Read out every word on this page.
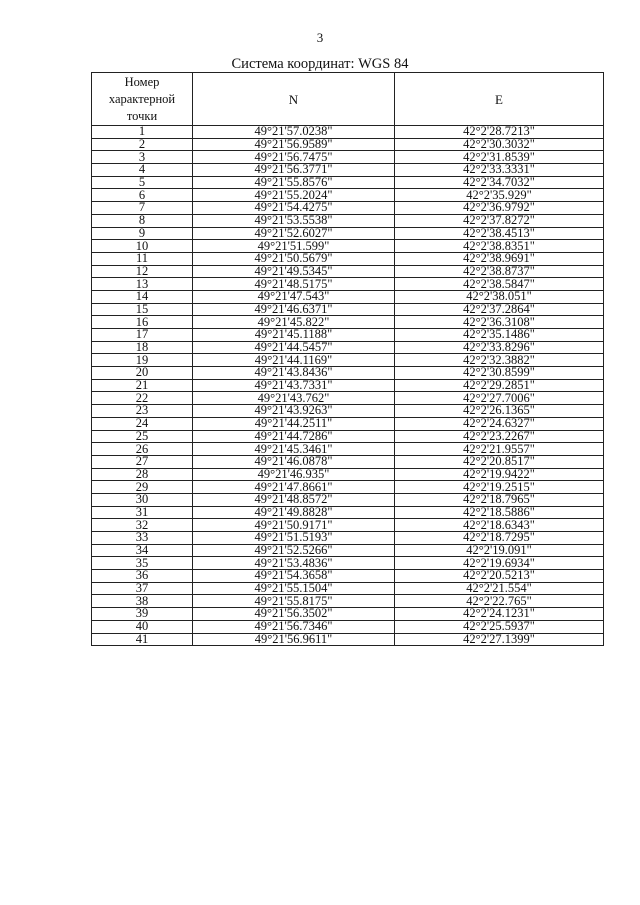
3
Система координат: WGS 84
Номер
характерной
точки	N	E
1	49°21'57.0238"	42°2'28.7213"
2	49°21'56.9589"	42°2'30.3032"
3	49°21'56.7475"	42°2'31.8539"
4	49°21'56.3771"	42°2'33.3331"
5	49°21'55.8576"	42°2'34.7032"
6	49°21'55.2024"	42°2'35.929"
7	49°21'54.4275"	42°2'36.9792"
8	49°21'53.5538"	42°2'37.8272"
9	49°21'52.6027"	42°2'38.4513"
10	49°21'51.599"	42°2'38.8351"
11	49°21'50.5679"	42°2'38.9691"
12	49°21'49.5345"	42°2'38.8737"
13	49°21'48.5175"	42°2'38.5847"
14	49°21'47.543"	42°2'38.051"
15	49°21'46.6371"	42°2'37.2864"
16	49°21'45.822"	42°2'36.3108"
17	49°21'45.1188"	42°2'35.1486"
18	49°21'44.5457"	42°2'33.8296"
19	49°21'44.1169"	42°2'32.3882"
20	49°21'43.8436"	42°2'30.8599"
21	49°21'43.7331"	42°2'29.2851"
22	49°21'43.762"	42°2'27.7006"
23	49°21'43.9263"	42°2'26.1365"
24	49°21'44.2511"	42°2'24.6327"
25	49°21'44.7286"	42°2'23.2267"
26	49°21'45.3461"	42°2'21.9557"
27	49°21'46.0878"	42°2'20.8517"
28	49°21'46.935"	42°2'19.9422"
29	49°21'47.8661"	42°2'19.2515"
30	49°21'48.8572"	42°2'18.7965"
31	49°21'49.8828"	42°2'18.5886"
32	49°21'50.9171"	42°2'18.6343"
33	49°21'51.5193"	42°2'18.7295"
34	49°21'52.5266"	42°2'19.091"
35	49°21'53.4836"	42°2'19.6934"
36	49°21'54.3658"	42°2'20.5213"
37	49°21'55.1504"	42°2'21.554"
38	49°21'55.8175"	42°2'22.765"
39	49°21'56.3502"	42°2'24.1231"
40	49°21'56.7346"	42°2'25.5937"
41	49°21'56.9611"	42°2'27.1399"
